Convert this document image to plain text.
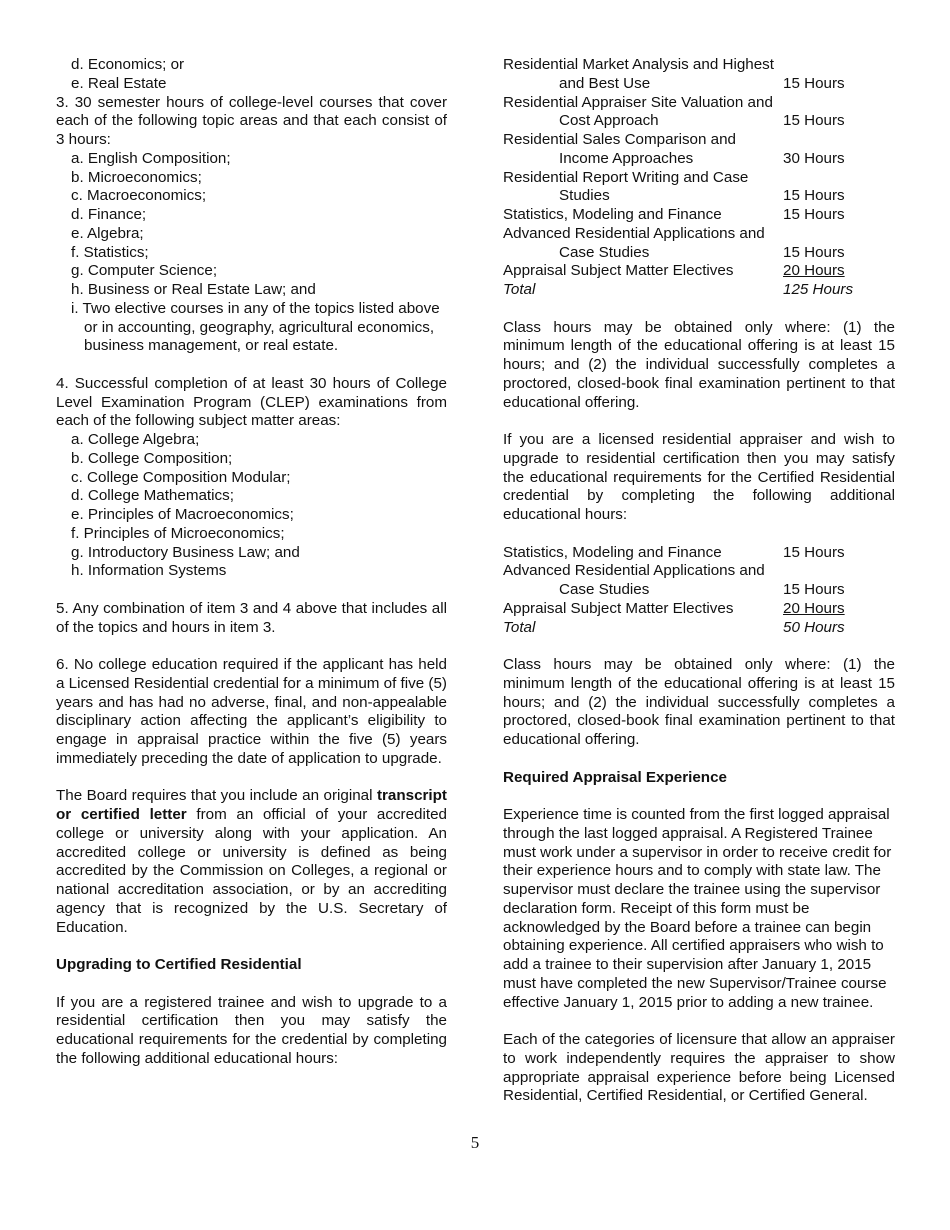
d. Economics; or
e. Real Estate

3. 30 semester hours of college-level courses that cover each of the following topic areas and that each consist of 3 hours:

a. English Composition;
b. Microeconomics;
c. Macroeconomics;
d. Finance;
e. Algebra;
f. Statistics;
g. Computer Science;
h. Business or Real Estate Law; and
i. Two elective courses in any of the topics listed above
or in accounting, geography, agricultural economics,
business management, or real estate.

4. Successful completion of at least 30 hours of College Level Examination Program (CLEP) examinations from each of the following subject matter areas:

a. College Algebra;
b. College Composition;
c. College Composition Modular;
d. College Mathematics;
e. Principles of Macroeconomics;
f. Principles of Microeconomics;
g. Introductory Business Law; and
h. Information Systems

5. Any combination of item 3 and 4 above that includes all of the topics and hours in item 3.

6. No college education required if the applicant has held a Licensed Residential credential for a minimum of five (5) years and has had no adverse, final, and non-appealable disciplinary action affecting the applicant’s eligibility to engage in appraisal practice within the five (5) years immediately preceding the date of application to upgrade.

The Board requires that you include an original transcript or certified letter from an official of your accredited college or university along with your application. An accredited college or university is defined as being accredited by the Commission on Colleges, a regional or national accreditation association, or by an accrediting agency that is recognized by the U.S. Secretary of Education.

Upgrading to Certified Residential

If you are a registered trainee and wish to upgrade to a residential certification then you may satisfy the educational requirements for the credential by completing the following additional educational hours:

Residential Market Analysis and Highest
and Best Use	15 Hours
Residential Appraiser Site Valuation and
Cost Approach	15 Hours
Residential Sales Comparison and
Income Approaches	30 Hours
Residential Report Writing and Case
Studies	15 Hours
Statistics, Modeling and Finance	15 Hours
Advanced Residential Applications and
Case Studies	15 Hours
Appraisal Subject Matter Electives	20 Hours
Total	125 Hours

Class hours may be obtained only where: (1) the minimum length of the educational offering is at least 15 hours; and (2) the individual successfully completes a proctored, closed-book final examination pertinent to that educational offering.

If you are a licensed residential appraiser and wish to upgrade to residential certification then you may satisfy the educational requirements for the Certified Residential credential by completing the following additional educational hours:

Statistics, Modeling and Finance	15 Hours
Advanced Residential Applications and
Case Studies	15 Hours
Appraisal Subject Matter Electives	20 Hours
Total	50 Hours

Class hours may be obtained only where: (1) the minimum length of the educational offering is at least 15 hours; and (2) the individual successfully completes a proctored, closed-book final examination pertinent to that educational offering.

Required Appraisal Experience

Experience time is counted from the first logged appraisal through the last logged appraisal. A Registered Trainee must work under a supervisor in order to receive credit for their experience hours and to comply with state law. The supervisor must declare the trainee using the supervisor declaration form. Receipt of this form must be acknowledged by the Board before a trainee can begin obtaining experience. All certified appraisers who wish to add a trainee to their supervision after January 1, 2015 must have completed the new Supervisor/Trainee course effective January 1, 2015 prior to adding a new trainee.

Each of the categories of licensure that allow an appraiser to work independently requires the appraiser to show appropriate appraisal experience before being Licensed Residential, Certified Residential, or Certified General.

5
